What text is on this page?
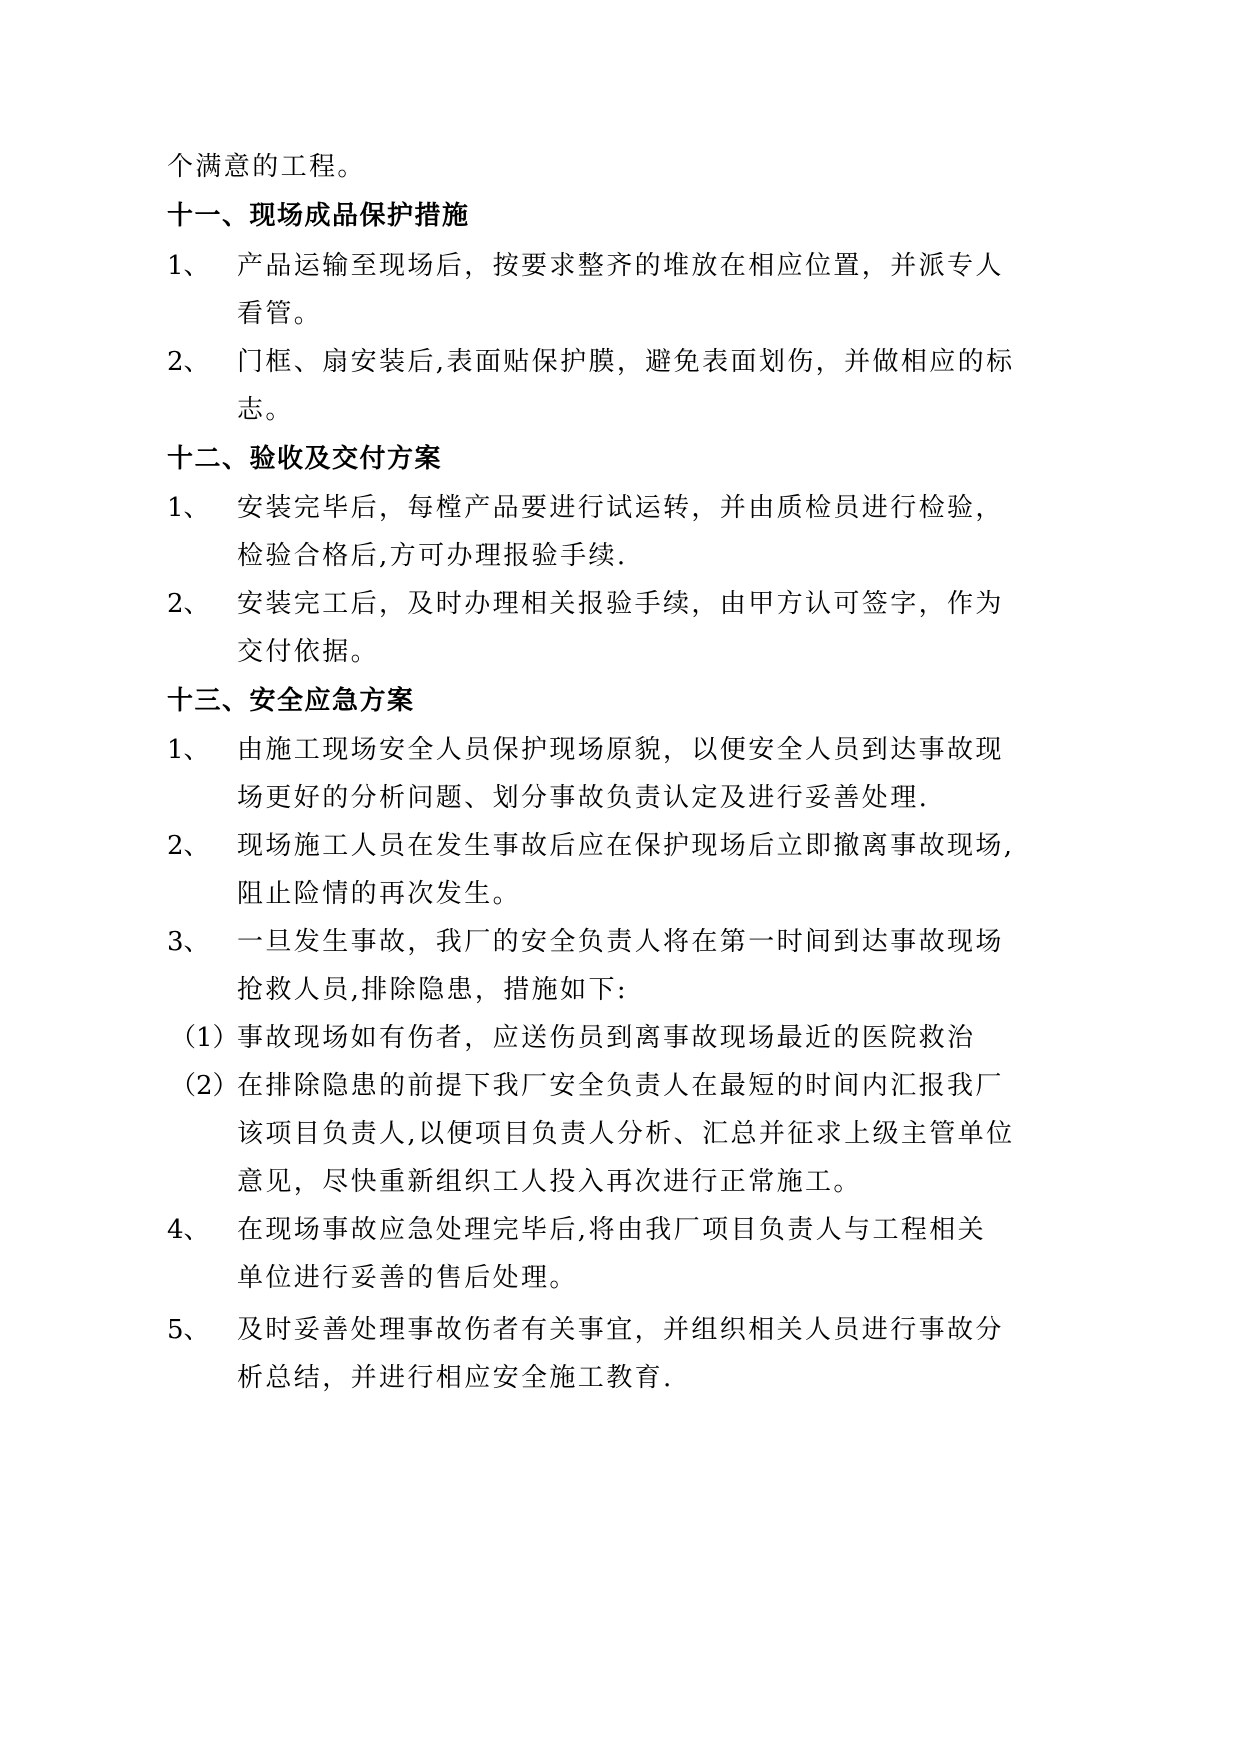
个满意的工程。
十一、现场成品保护措施
1、 产品运输至现场后，按要求整齐的堆放在相应位置，并派专人
看管。
2、 门框、扇安装后,表面贴保护膜，避免表面划伤，并做相应的标
志。
十二、验收及交付方案
1、 安装完毕后，每樘产品要进行试运转，并由质检员进行检验，
检验合格后,方可办理报验手续.
2、 安装完工后，及时办理相关报验手续，由甲方认可签字，作为
交付依据。
十三、安全应急方案
1、 由施工现场安全人员保护现场原貌，以便安全人员到达事故现
场更好的分析问题、划分事故负责认定及进行妥善处理.
2、 现场施工人员在发生事故后应在保护现场后立即撤离事故现场,
阻止险情的再次发生。
3、 一旦发生事故，我厂的安全负责人将在第一时间到达事故现场
抢救人员,排除隐患，措施如下:
（1）
事故现场如有伤者，应送伤员到离事故现场最近的医院救治
（2）
在排除隐患的前提下我厂安全负责人在最短的时间内汇报我厂
该项目负责人,以便项目负责人分析、汇总并征求上级主管单位
意见，尽快重新组织工人投入再次进行正常施工。
4、 在现场事故应急处理完毕后,将由我厂项目负责人与工程相关
单位进行妥善的售后处理。
5、 及时妥善处理事故伤者有关事宜，并组织相关人员进行事故分
析总结，并进行相应安全施工教育.
